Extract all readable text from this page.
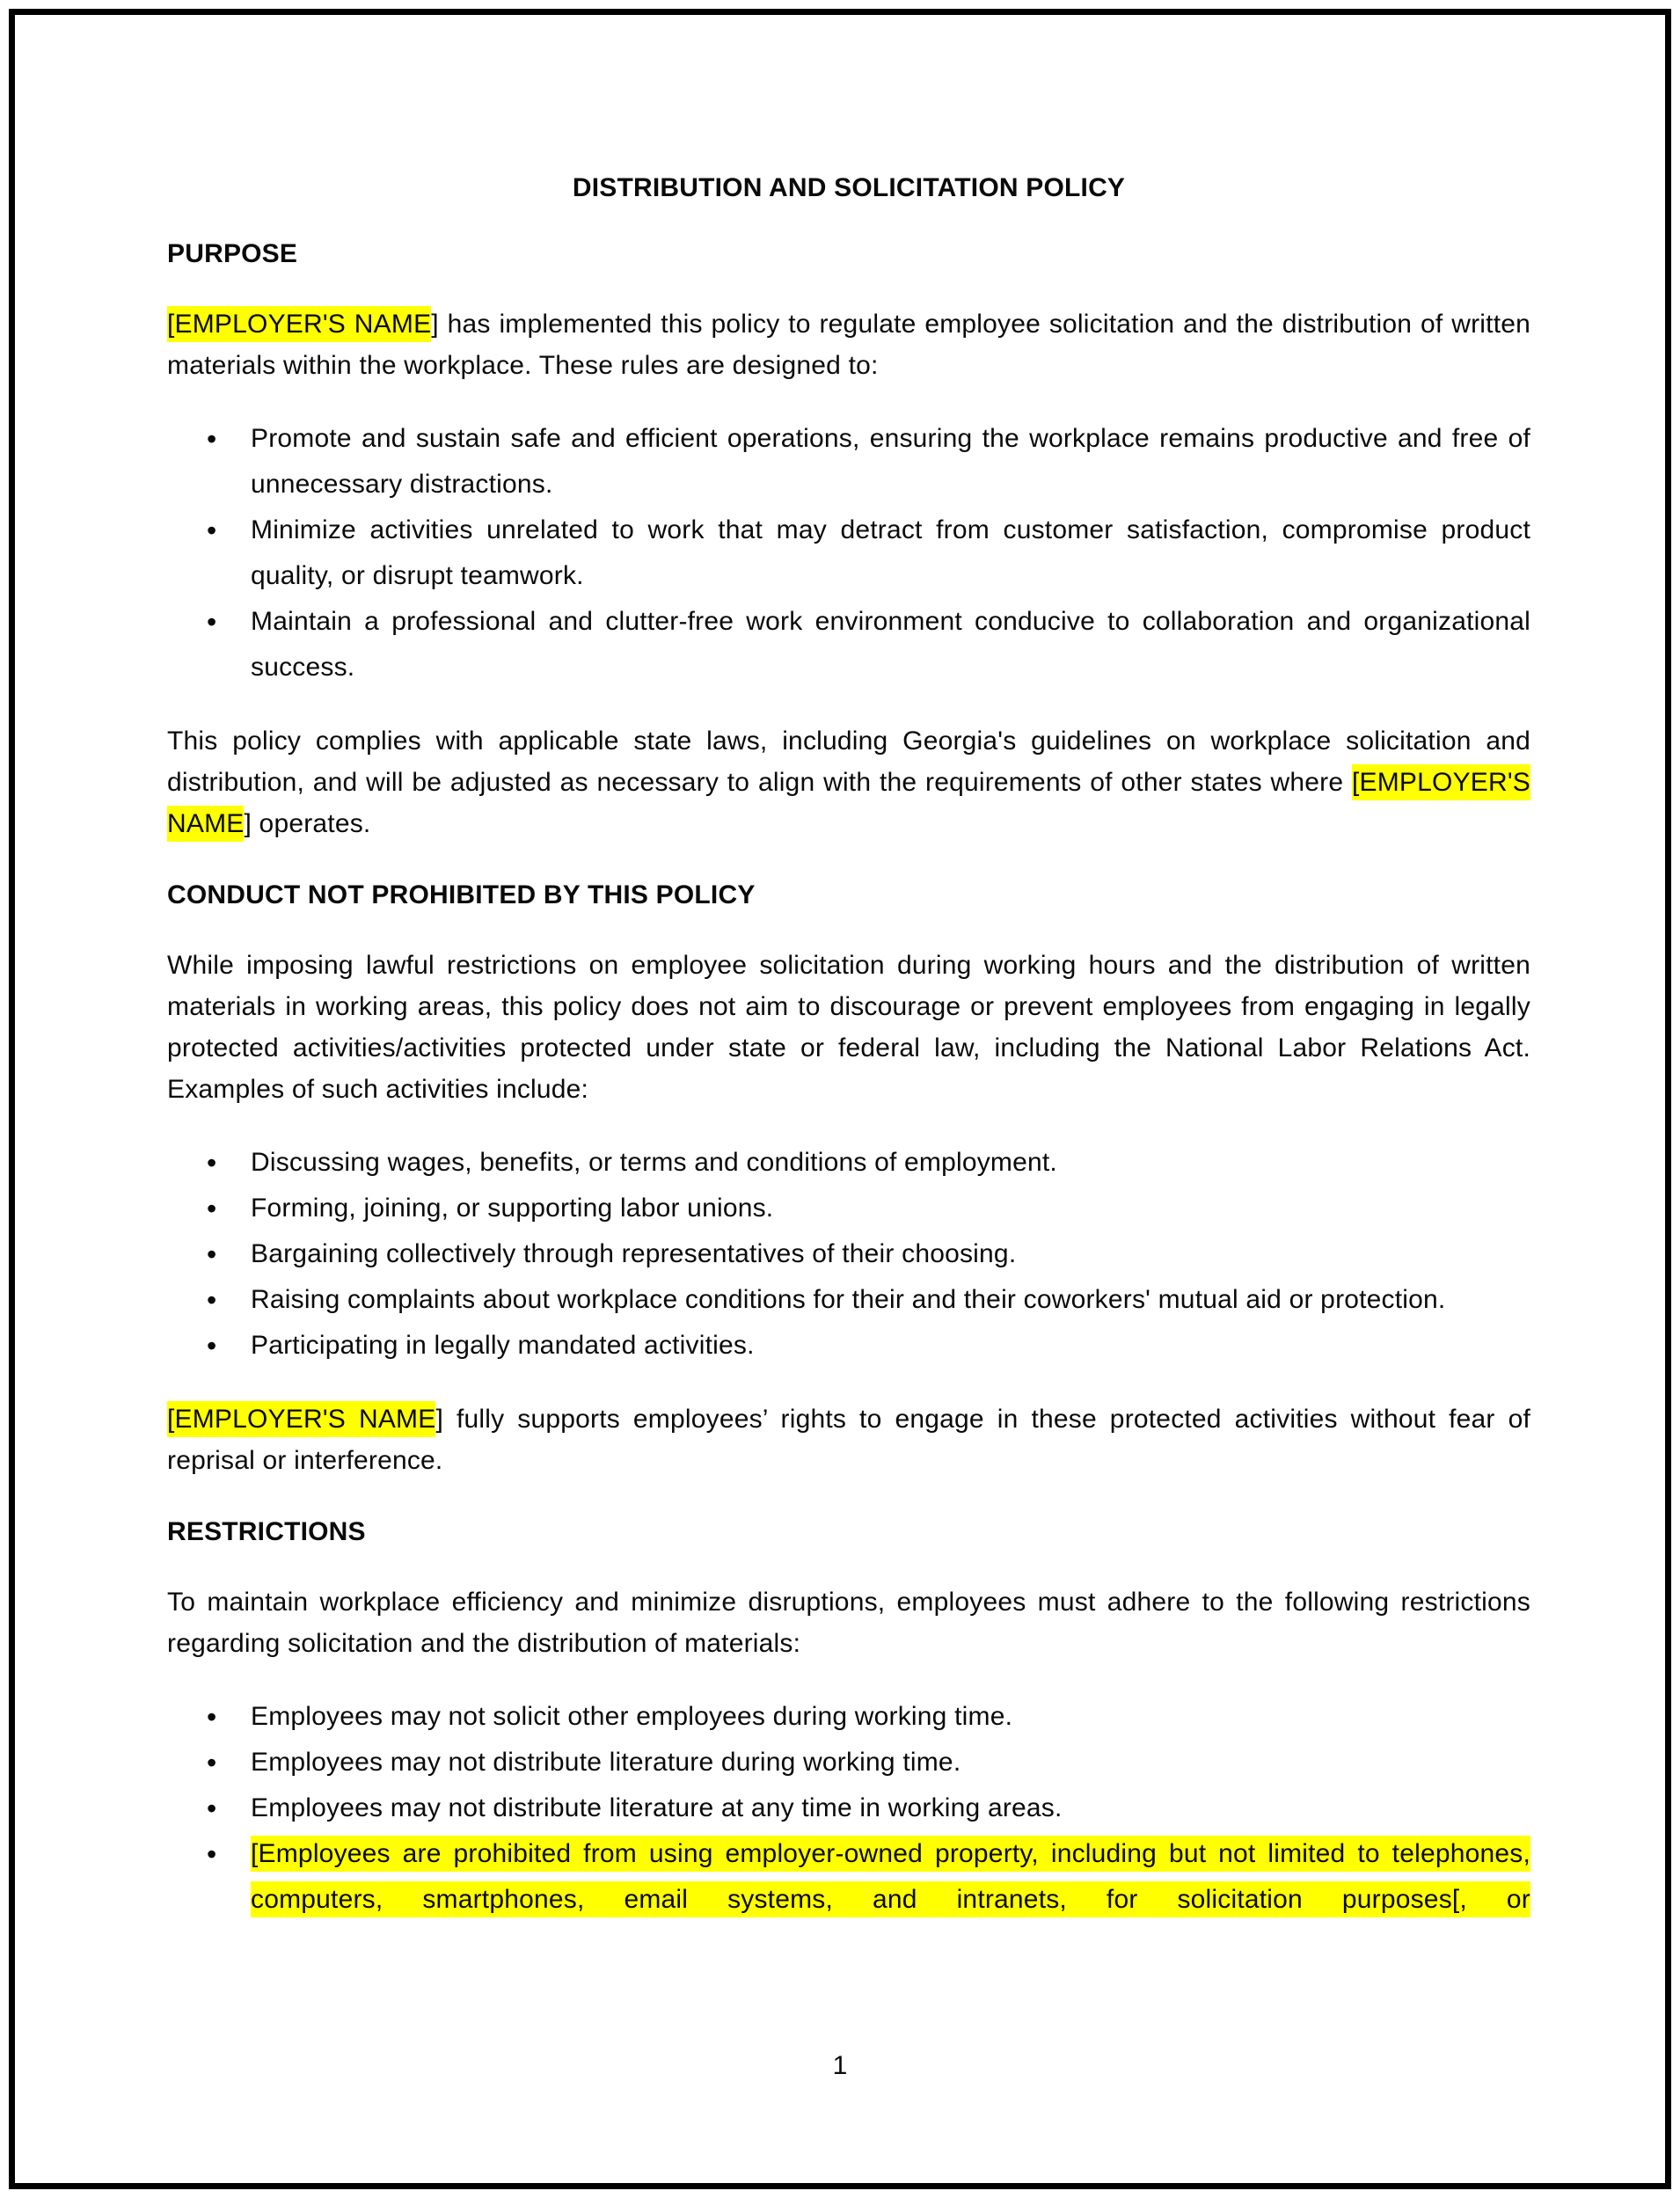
DISTRIBUTION AND SOLICITATION POLICY
PURPOSE

[EMPLOYER'S NAME] has implemented this policy to regulate employee solicitation and the distribution of written materials within the workplace. These rules are designed to:

• Promote and sustain safe and efficient operations, ensuring the workplace remains productive and free of unnecessary distractions.
• Minimize activities unrelated to work that may detract from customer satisfaction, compromise product quality, or disrupt teamwork.
• Maintain a professional and clutter-free work environment conducive to collaboration and organizational success.

This policy complies with applicable state laws, including Georgia's guidelines on workplace solicitation and distribution, and will be adjusted as necessary to align with the requirements of other states where [EMPLOYER'S NAME] operates.

CONDUCT NOT PROHIBITED BY THIS POLICY

While imposing lawful restrictions on employee solicitation during working hours and the distribution of written materials in working areas, this policy does not aim to discourage or prevent employees from engaging in legally protected activities/activities protected under state or federal law, including the National Labor Relations Act. Examples of such activities include:

• Discussing wages, benefits, or terms and conditions of employment.
• Forming, joining, or supporting labor unions.
• Bargaining collectively through representatives of their choosing.
• Raising complaints about workplace conditions for their and their coworkers' mutual aid or protection.
• Participating in legally mandated activities.

[EMPLOYER'S NAME] fully supports employees’ rights to engage in these protected activities without fear of reprisal or interference.

RESTRICTIONS

To maintain workplace efficiency and minimize disruptions, employees must adhere to the following restrictions regarding solicitation and the distribution of materials:

• Employees may not solicit other employees during working time.
• Employees may not distribute literature during working time.
• Employees may not distribute literature at any time in working areas.
• [Employees are prohibited from using employer-owned property, including but not limited to telephones, computers, smartphones, email systems, and intranets, for solicitation purposes[, or
1
